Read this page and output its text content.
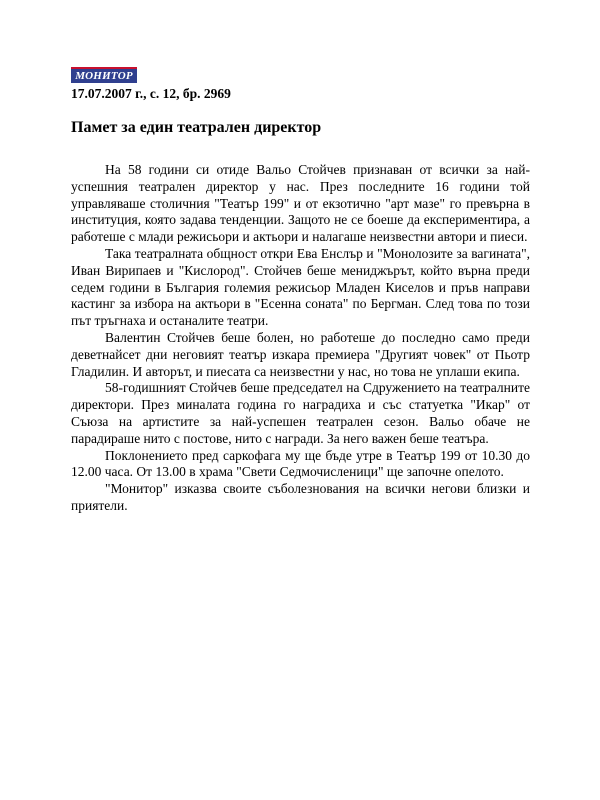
МОНИТОР
17.07.2007 г., с. 12, бр. 2969
Памет за един театрален директор

На 58 години си отиде Вальо Стойчев признаван от всички за най-успешния театрален директор у нас. През последните 16 години той управляваше столичния "Театър 199" и от екзотично "арт мазе" го превърна в институция, която задава тенденции. Защото не се боеше да експериментира, а работеше с млади режисьори и актьори и налагаше неизвестни автори и пиеси.

Така театралната общност откри Ева Енслър и "Монолозите за вагината", Иван Вирипаев и "Кислород". Стойчев беше мениджърът, който върна преди седем години в България големия режисьор Младен Киселов и пръв направи кастинг за избора на актьори в "Есенна соната" по Бергман. След това по този път тръгнаха и останалите театри.

Валентин Стойчев беше болен, но работеше до последно само преди деветнайсет дни неговият театър изкара премиера "Другият човек" от Пьотр Гладилин. И авторът, и пиесата са неизвестни у нас, но това не уплаши екипа.

58-годишният Стойчев беше председател на Сдружението на театралните директори. През миналата година го наградиха и със статуетка "Икар" от Съюза на артистите за най-успешен театрален сезон. Вальо обаче не парадираше нито с постове, нито с награди. За него важен беше театъра.

Поклонението пред саркофага му ще бъде утре в Театър 199 от 10.30 до 12.00 часа. От 13.00 в храма "Свети Седмочисленици" ще започне опелото.

"Монитор" изказва своите съболезнования на всички негови близки и приятели.
